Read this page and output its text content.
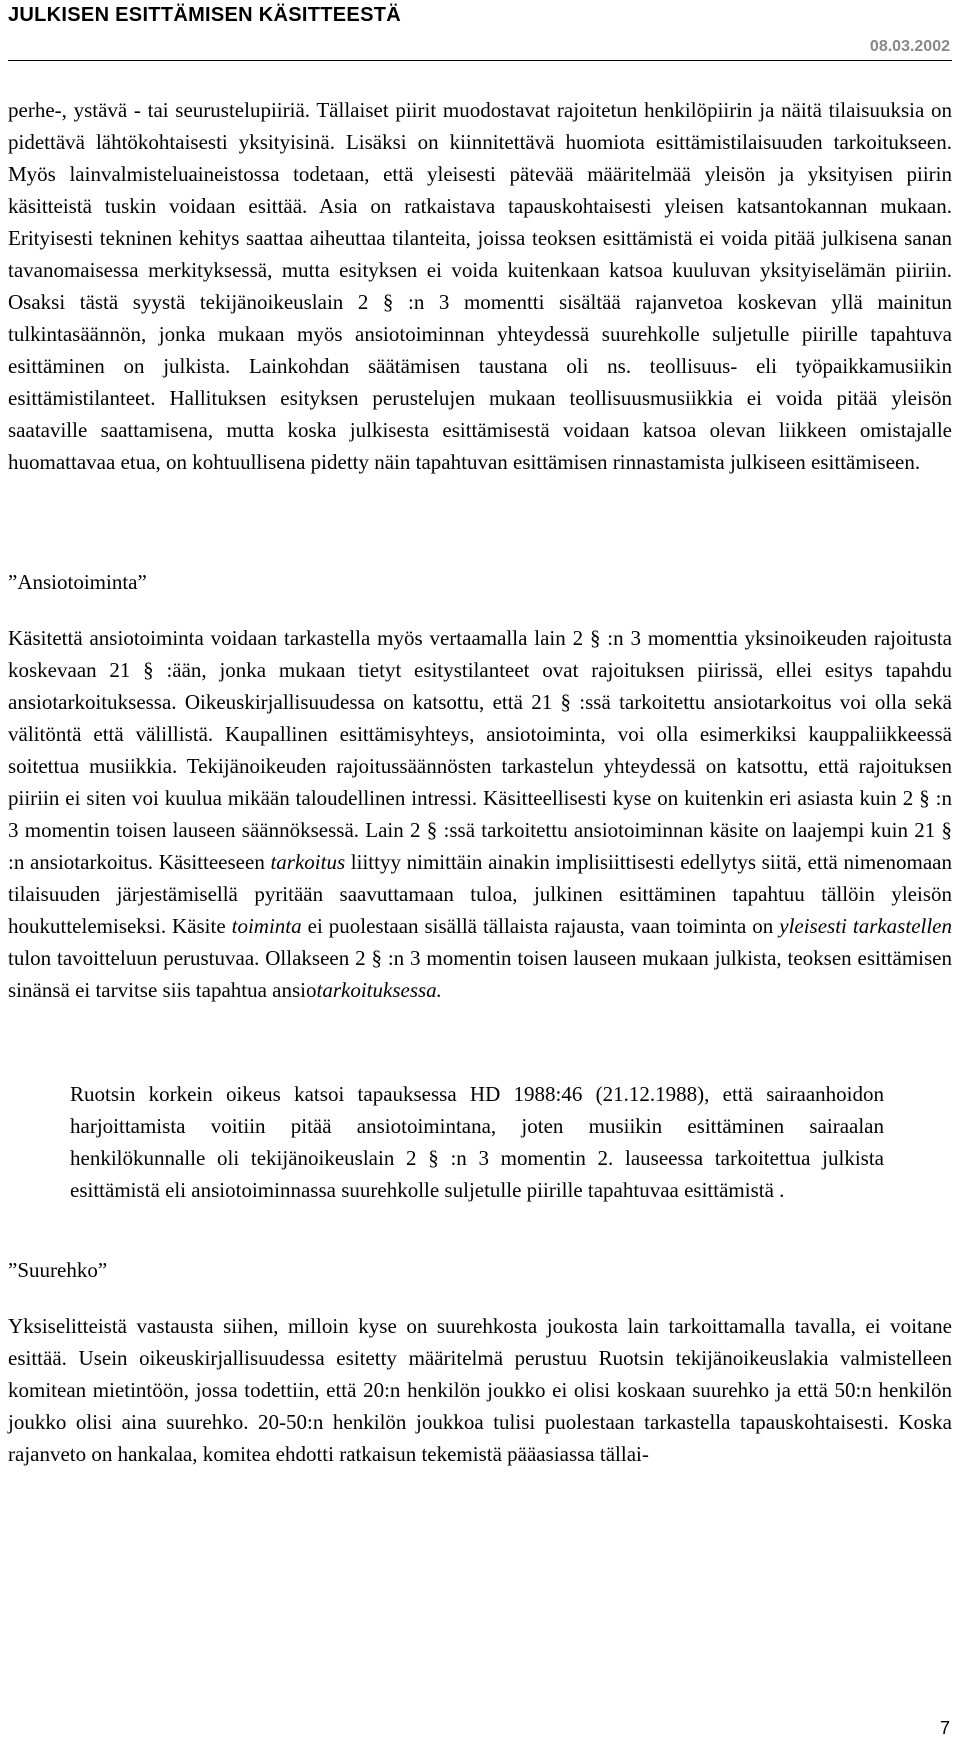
JULKISEN ESITTÄMISEN KÄSITTEESTÄ
08.03.2002

perhe-, ystävä - tai seurustelupiiriä. Tällaiset piirit muodostavat rajoitetun henkilöpiirin ja näitä tilaisuuksia on pidettävä lähtökohtaisesti yksityisinä. Lisäksi on kiinnitettävä huomiota esittämistilaisuuden tarkoitukseen. Myös lainvalmisteluaineistossa todetaan, että yleisesti pätevää määritelmää yleisön ja yksityisen piirin käsitteistä tuskin voidaan esittää. Asia on ratkaistava tapauskohtaisesti yleisen katsantokannan mukaan. Erityisesti tekninen kehitys saattaa aiheuttaa tilanteita, joissa teoksen esittämistä ei voida pitää julkisena sanan tavanomaisessa merkityksessä, mutta esityksen ei voida kuitenkaan katsoa kuuluvan yksityiselämän piiriin. Osaksi tästä syystä tekijänoikeuslain 2 § :n 3 momentti sisältää rajanvetoa koskevan yllä mainitun tulkintasäännön, jonka mukaan myös ansiotoiminnan yhteydessä suurehkolle suljetulle piirille tapahtuva esittäminen on julkista. Lainkohdan säätämisen taustana oli ns. teollisuus- eli työpaikkamusiikin esittämistilanteet. Hallituksen esityksen perustelujen mukaan teollisuusmusiikkia ei voida pitää yleisön saataville saattamisena, mutta koska julkisesta esittämisestä voidaan katsoa olevan liikkeen omistajalle huomattavaa etua, on kohtuullisena pidetty näin tapahtuvan esittämisen rinnastamista julkiseen esittämiseen.

”Ansiotoiminta”

Käsitettä ansiotoiminta voidaan tarkastella myös vertaamalla lain 2 § :n 3 momenttia yksinoikeuden rajoitusta koskevaan 21 § :ään, jonka mukaan tietyt esitystilanteet ovat rajoituksen piirissä, ellei esitys tapahdu ansiotarkoituksessa. Oikeuskirjallisuudessa on katsottu, että 21 § :ssä tarkoitettu ansiotarkoitus voi olla sekä välitöntä että välillistä. Kaupallinen esittämisyhteys, ansiotoiminta, voi olla esimerkiksi kauppaliikkeessä soitettua musiikkia. Tekijänoikeuden rajoitussäännösten tarkastelun yhteydessä on katsottu, että rajoituksen piiriin ei siten voi kuulua mikään taloudellinen intressi. Käsitteellisesti kyse on kuitenkin eri asiasta kuin 2 § :n 3 momentin toisen lauseen säännöksessä. Lain 2 § :ssä tarkoitettu ansiotoiminnan käsite on laajempi kuin 21 § :n ansiotarkoitus. Käsitteeseen tarkoitus liittyy nimittäin ainakin implisiittisesti edellytys siitä, että nimenomaan tilaisuuden järjestämisellä pyritään saavuttamaan tuloa, julkinen esittäminen tapahtuu tällöin yleisön houkuttelemiseksi. Käsite toiminta ei puolestaan sisällä tällaista rajausta, vaan toiminta on yleisesti tarkastellen tulon tavoitteluun perustuvaa. Ollakseen 2 § :n 3 momentin toisen lauseen mukaan julkista, teoksen esittämisen sinänsä ei tarvitse siis tapahtua ansiotarkoituksessa.

Ruotsin korkein oikeus katsoi tapauksessa HD 1988:46 (21.12.1988), että sairaanhoidon harjoittamista voitiin pitää ansiotoimintana, joten musiikin esittäminen sairaalan henkilökunnalle oli tekijänoikeuslain 2 § :n 3 momentin 2. lauseessa tarkoitettua julkista esittämistä eli ansiotoiminnassa suurehkolle suljetulle piirille tapahtuvaa esittämistä .

”Suurehko”

Yksiselitteistä vastausta siihen, milloin kyse on suurehkosta joukosta lain tarkoittamalla tavalla, ei voitane esittää. Usein oikeuskirjallisuudessa esitetty määritelmä perustuu Ruotsin tekijänoikeuslakia valmistelleen komitean mietintöön, jossa todettiin, että 20:n henkilön joukko ei olisi koskaan suurehko ja että 50:n henkilön joukko olisi aina suurehko. 20-50:n henkilön joukkoa tulisi puolestaan tarkastella tapauskohtaisesti. Koska rajanveto on hankalaa, komitea ehdotti ratkaisun tekemistä pääasiassa tällai-

7
